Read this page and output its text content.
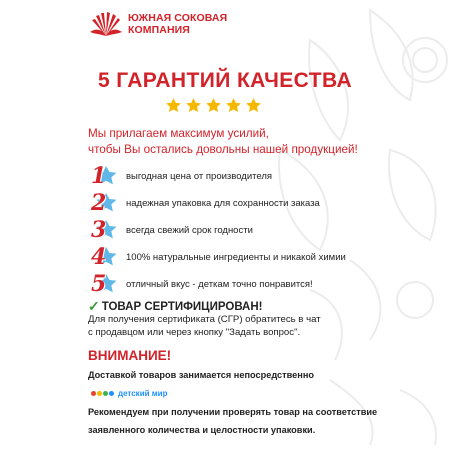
ЮЖНАЯ СОКОВАЯ
КОМПАНИЯ
5 ГАРАНТИЙ КАЧЕСТВА
Мы прилагаем максимум усилий,
чтобы Вы остались довольны нашей продукцией!
1 выгодная цена от производителя
2 надежная упаковка для сохранности заказа
3 всегда свежий срок годности
4 100% натуральные ингредиенты и никакой химии
5 отличный вкус - деткам точно понравится!
✓ ТОВАР СЕРТИФИЦИРОВАН!
Для получения сертификата (СГР) обратитесь в чат
с продавцом или через кнопку "Задать вопрос".
ВНИМАНИЕ!
Доставкой товаров занимается непосредственно
детский мир
Рекомендуем при получении проверять товар на соответствие
заявленного количества и целостности упаковки.
